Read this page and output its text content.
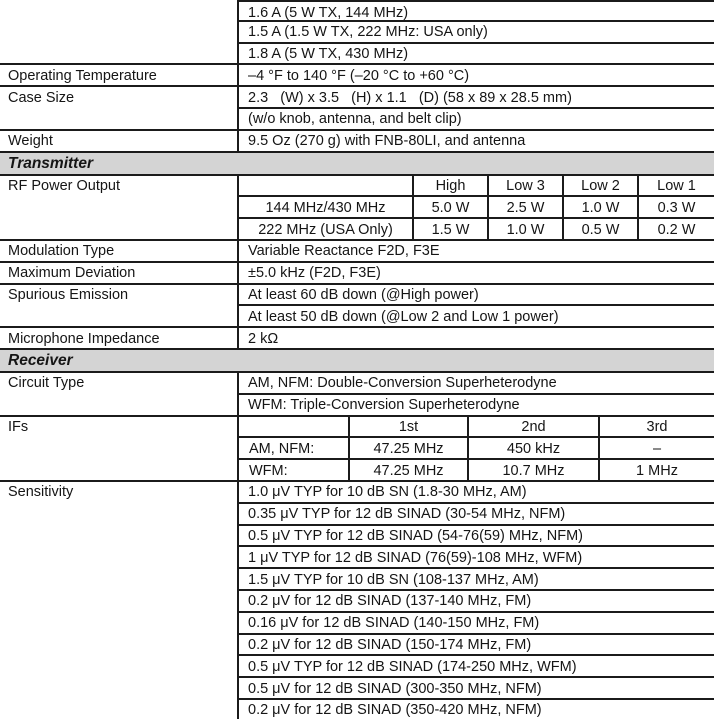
1.6 A (5 W TX, 144 MHz)
1.5 A (1.5 W TX, 222 MHz: USA only)
1.8 A (5 W TX, 430 MHz)
Operating Temperature	–4 °F to 140 °F (–20 °C to +60 °C)
Case Size	2.3   (W) x 3.5   (H) x 1.1   (D) (58 x 89 x 28.5 mm)
(w/o knob, antenna, and belt clip)
Weight	9.5 Oz (270 g) with FNB-80LI, and antenna
Transmitter
RF Power Output	High	Low 3	Low 2	Low 1
144 MHz/430 MHz	5.0 W	2.5 W	1.0 W	0.3 W
222 MHz (USA Only)	1.5 W	1.0 W	0.5 W	0.2 W
Modulation Type	Variable Reactance F2D, F3E
Maximum Deviation	±5.0 kHz (F2D, F3E)
Spurious Emission	At least 60 dB down (@High power)
At least 50 dB down (@Low 2 and Low 1 power)
Microphone Impedance	2 kΩ
Receiver
Circuit Type	AM, NFM: Double-Conversion Superheterodyne
WFM: Triple-Conversion Superheterodyne
IFs	1st	2nd	3rd
AM, NFM:	47.25 MHz	450 kHz	–
WFM:	47.25 MHz	10.7 MHz	1 MHz
Sensitivity	1.0 μV TYP for 10 dB SN (1.8-30 MHz, AM)
0.35 μV TYP for 12 dB SINAD (30-54 MHz, NFM)
0.5 μV TYP for 12 dB SINAD (54-76(59) MHz, NFM)
1 μV TYP for 12 dB SINAD (76(59)-108 MHz, WFM)
1.5 μV TYP for 10 dB SN (108-137 MHz, AM)
0.2 μV for 12 dB SINAD (137-140 MHz, FM)
0.16 μV for 12 dB SINAD (140-150 MHz, FM)
0.2 μV for 12 dB SINAD (150-174 MHz, FM)
0.5 μV TYP for 12 dB SINAD (174-250 MHz, WFM)
0.5 μV for 12 dB SINAD (300-350 MHz, NFM)
0.2 μV for 12 dB SINAD (350-420 MHz, NFM)
